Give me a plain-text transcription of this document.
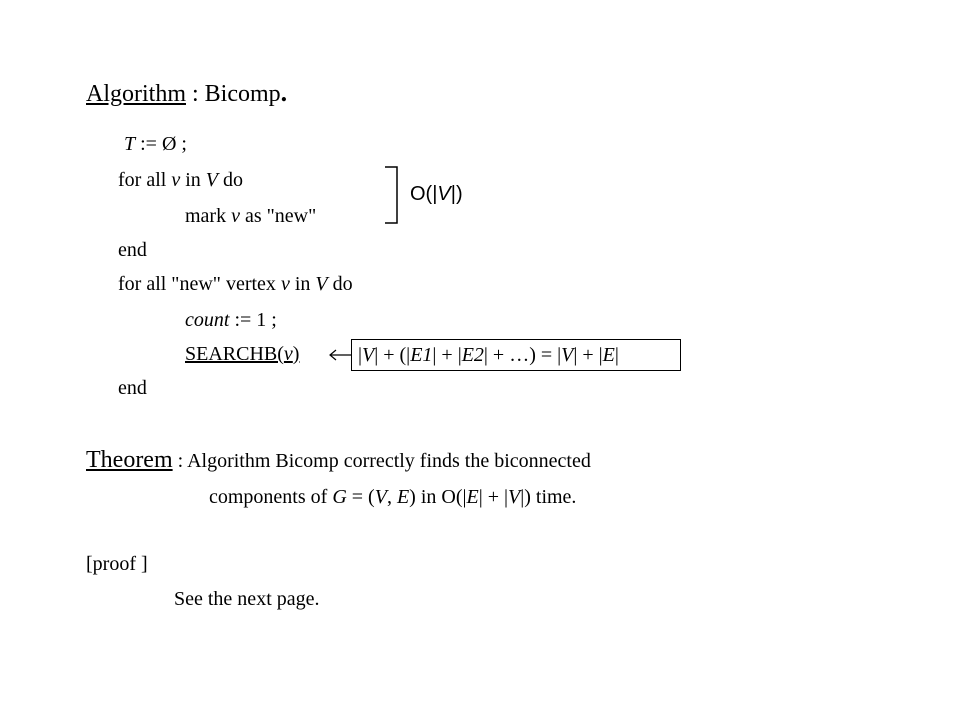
Algorithm : Bicomp.
T := Ø ;
for all v in V do
mark v as "new"
end
for all "new" vertex v in V do
count := 1 ;
SEARCHB(v)
end
O(|V|)
|V| + (|E1| + |E2| + …) = |V| + |E|
Theorem : Algorithm Bicomp correctly finds the biconnected
components of G = (V, E) in O(|E| + |V|) time.
[proof ]
See the next page.
